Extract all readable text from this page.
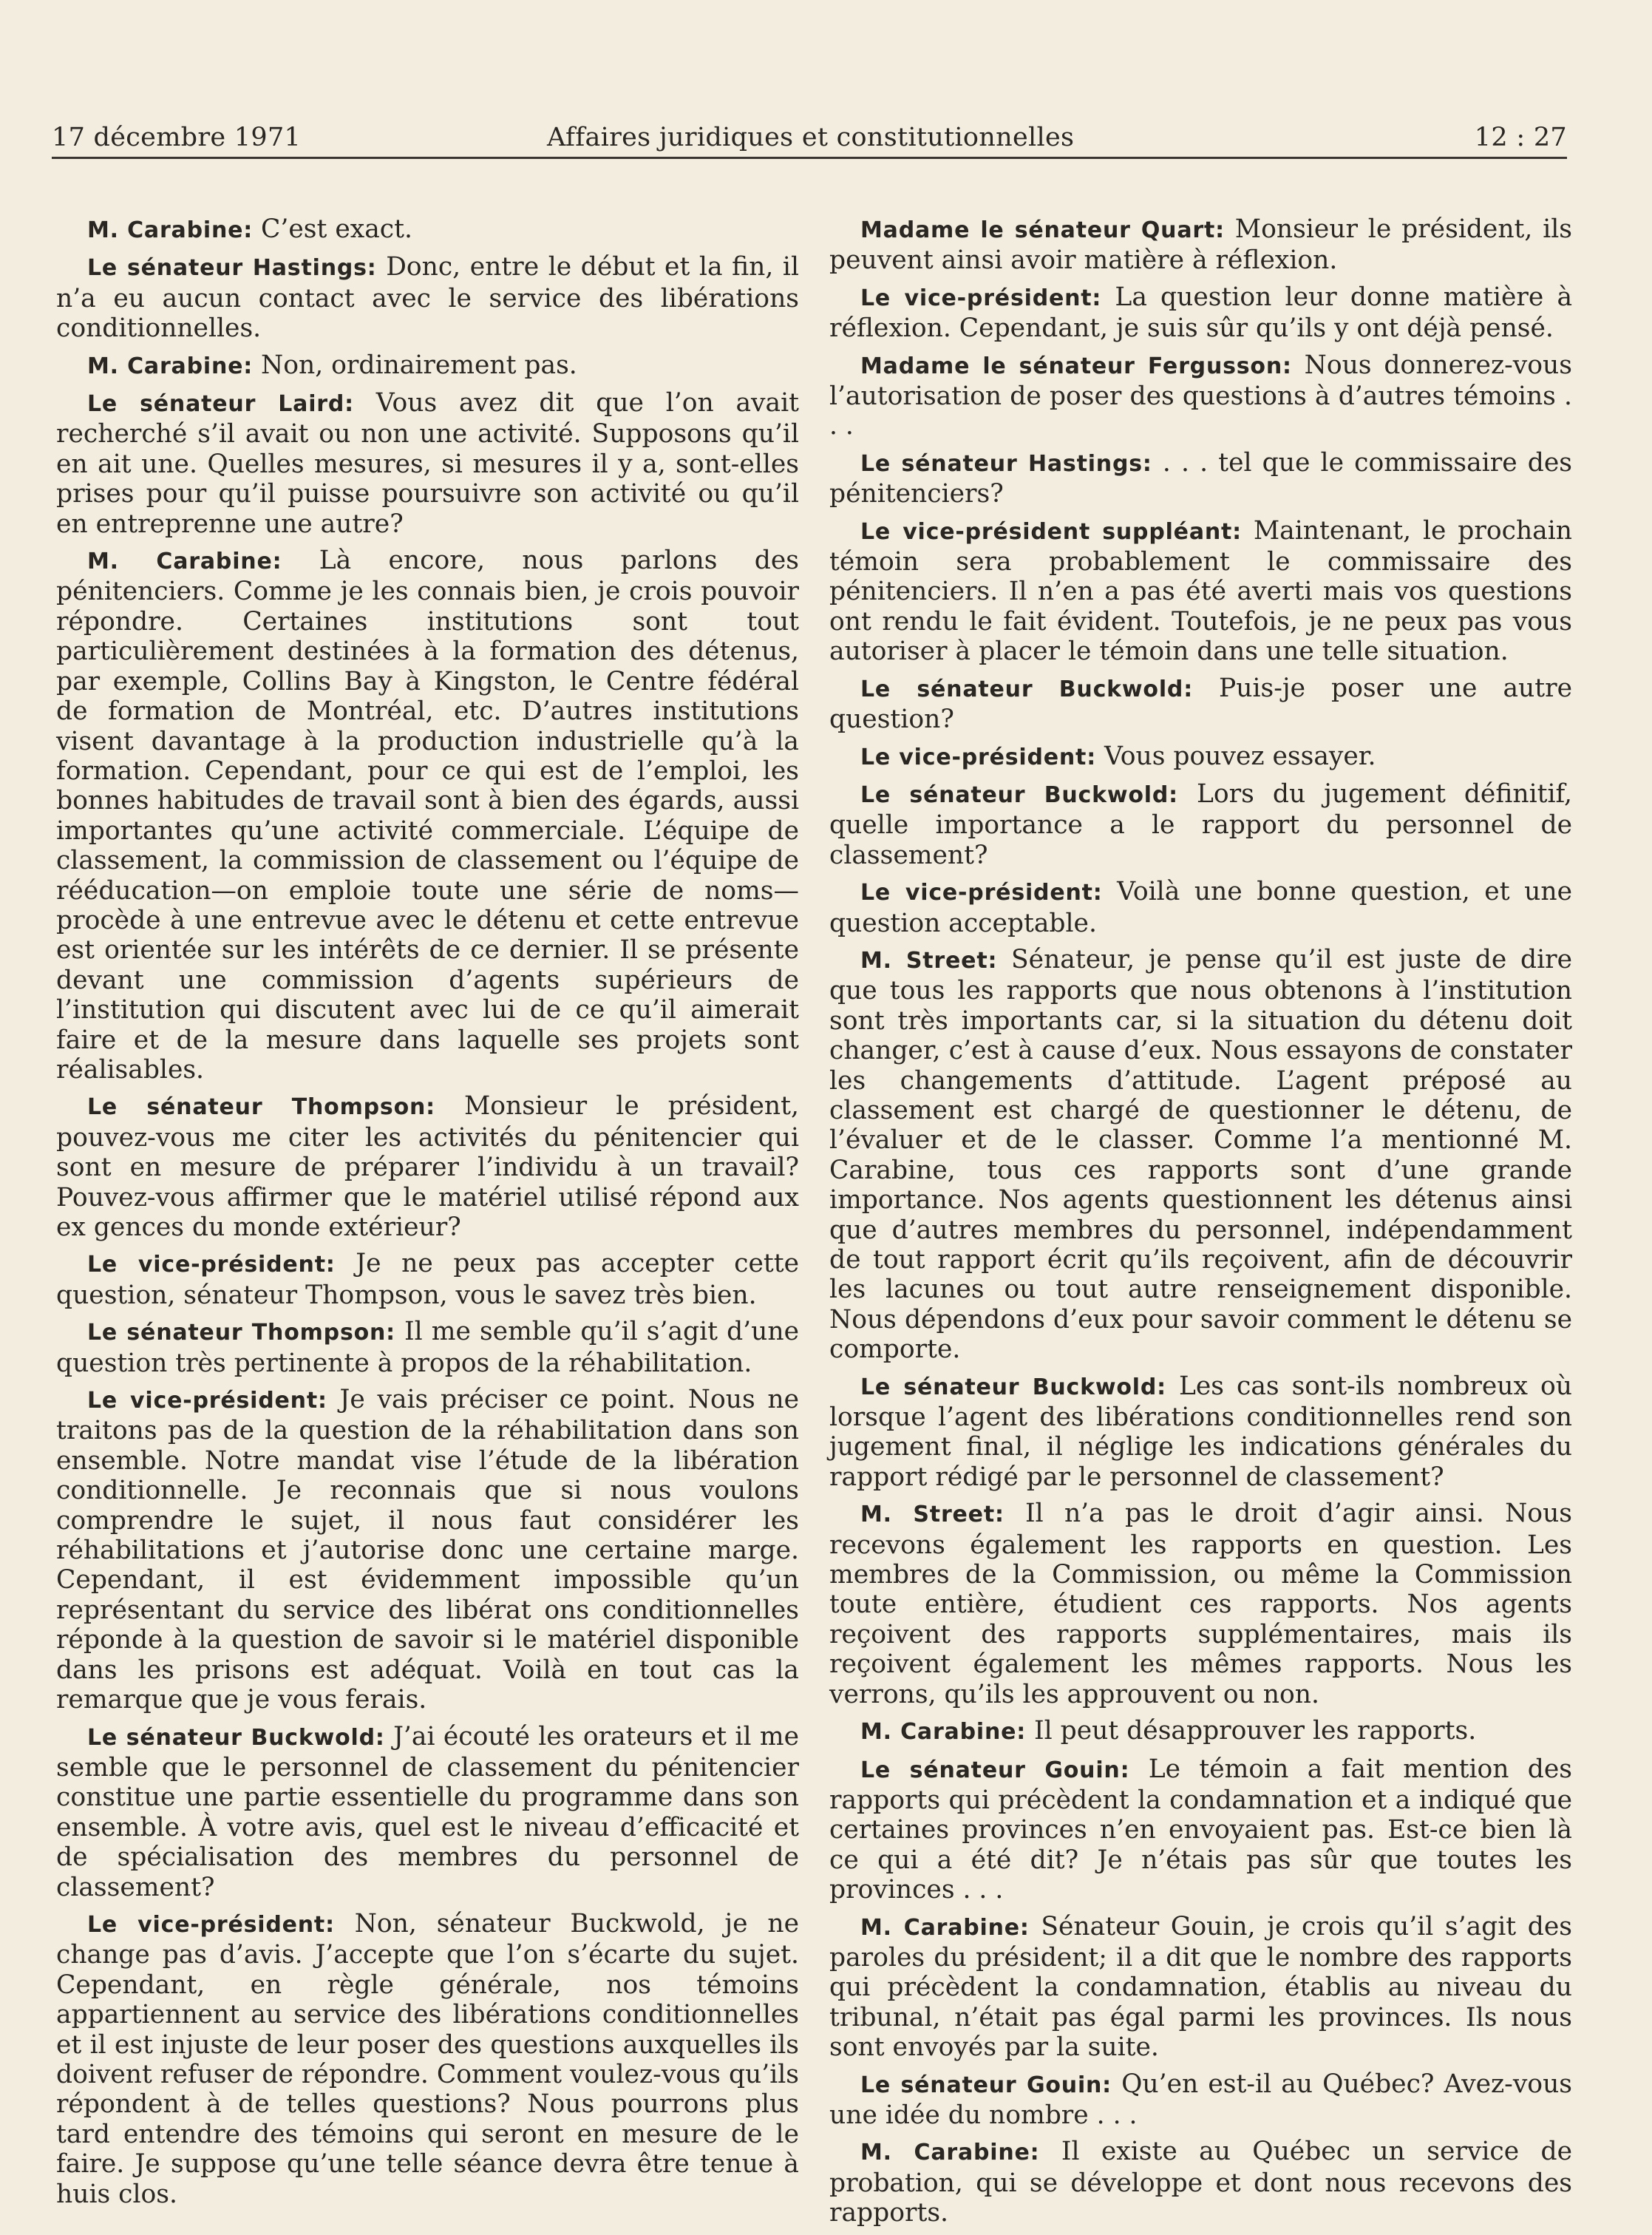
17 décembre 1971	Affaires juridiques et constitutionnelles	12 : 27

M. Carabine: C’est exact.

Le sénateur Hastings: Donc, entre le début et la fin, il n’a eu aucun contact avec le service des libérations conditionnelles.

M. Carabine: Non, ordinairement pas.

Le sénateur Laird: Vous avez dit que l’on avait recherché s’il avait ou non une activité. Supposons qu’il en ait une. Quelles mesures, si mesures il y a, sont-elles prises pour qu’il puisse poursuivre son activité ou qu’il en entreprenne une autre?

M. Carabine: Là encore, nous parlons des pénitenciers. Comme je les connais bien, je crois pouvoir répondre. Certaines institutions sont tout particulièrement destinées à la formation des détenus, par exemple, Collins Bay à Kingston, le Centre fédéral de formation de Montréal, etc. D’autres institutions visent davantage à la production industrielle qu’à la formation. Cependant, pour ce qui est de l’emploi, les bonnes habitudes de travail sont à bien des égards, aussi importantes qu’une activité commerciale. L’équipe de classement, la commission de classement ou l’équipe de rééducation—on emploie toute une série de noms—procède à une entrevue avec le détenu et cette entrevue est orientée sur les intérêts de ce dernier. Il se présente devant une commission d’agents supérieurs de l’institution qui discutent avec lui de ce qu’il aimerait faire et de la mesure dans laquelle ses projets sont réalisables.

Le sénateur Thompson: Monsieur le président, pouvez-vous me citer les activités du pénitencier qui sont en mesure de préparer l’individu à un travail? Pouvez-vous affirmer que le matériel utilisé répond aux ex gences du monde extérieur?

Le vice-président: Je ne peux pas accepter cette question, sénateur Thompson, vous le savez très bien.

Le sénateur Thompson: Il me semble qu’il s’agit d’une question très pertinente à propos de la réhabilitation.

Le vice-président: Je vais préciser ce point. Nous ne traitons pas de la question de la réhabilitation dans son ensemble. Notre mandat vise l’étude de la libération conditionnelle. Je reconnais que si nous voulons comprendre le sujet, il nous faut considérer les réhabilitations et j’autorise donc une certaine marge. Cependant, il est évidemment impossible qu’un représentant du service des libérat ons conditionnelles réponde à la question de savoir si le matériel disponible dans les prisons est adéquat. Voilà en tout cas la remarque que je vous ferais.

Le sénateur Buckwold: J’ai écouté les orateurs et il me semble que le personnel de classement du pénitencier constitue une partie essentielle du programme dans son ensemble. À votre avis, quel est le niveau d’efficacité et de spécialisation des membres du personnel de classement?

Le vice-président: Non, sénateur Buckwold, je ne change pas d’avis. J’accepte que l’on s’écarte du sujet. Cependant, en règle générale, nos témoins appartiennent au service des libérations conditionnelles et il est injuste de leur poser des questions auxquelles ils doivent refuser de répondre. Comment voulez-vous qu’ils répondent à de telles questions? Nous pourrons plus tard entendre des témoins qui seront en mesure de le faire. Je suppose qu’une telle séance devra être tenue à huis clos.

Madame le sénateur Quart: Monsieur le président, ils peuvent ainsi avoir matière à réflexion.

Le vice-président: La question leur donne matière à réflexion. Cependant, je suis sûr qu’ils y ont déjà pensé.

Madame le sénateur Fergusson: Nous donnerez-vous l’autorisation de poser des questions à d’autres témoins . . .

Le sénateur Hastings: . . . tel que le commissaire des pénitenciers?

Le vice-président suppléant: Maintenant, le prochain témoin sera probablement le commissaire des pénitenciers. Il n’en a pas été averti mais vos questions ont rendu le fait évident. Toutefois, je ne peux pas vous autoriser à placer le témoin dans une telle situation.

Le sénateur Buckwold: Puis-je poser une autre question?

Le vice-président: Vous pouvez essayer.

Le sénateur Buckwold: Lors du jugement définitif, quelle importance a le rapport du personnel de classement?

Le vice-président: Voilà une bonne question, et une question acceptable.

M. Street: Sénateur, je pense qu’il est juste de dire que tous les rapports que nous obtenons à l’institution sont très importants car, si la situation du détenu doit changer, c’est à cause d’eux. Nous essayons de constater les changements d’attitude. L’agent préposé au classement est chargé de questionner le détenu, de l’évaluer et de le classer. Comme l’a mentionné M. Carabine, tous ces rapports sont d’une grande importance. Nos agents questionnent les détenus ainsi que d’autres membres du personnel, indépendamment de tout rapport écrit qu’ils reçoivent, afin de découvrir les lacunes ou tout autre renseignement disponible. Nous dépendons d’eux pour savoir comment le détenu se comporte.

Le sénateur Buckwold: Les cas sont-ils nombreux où lorsque l’agent des libérations conditionnelles rend son jugement final, il néglige les indications générales du rapport rédigé par le personnel de classement?

M. Street: Il n’a pas le droit d’agir ainsi. Nous recevons également les rapports en question. Les membres de la Commission, ou même la Commission toute entière, étudient ces rapports. Nos agents reçoivent des rapports supplémentaires, mais ils reçoivent également les mêmes rapports. Nous les verrons, qu’ils les approuvent ou non.

M. Carabine: Il peut désapprouver les rapports.

Le sénateur Gouin: Le témoin a fait mention des rapports qui précèdent la condamnation et a indiqué que certaines provinces n’en envoyaient pas. Est-ce bien là ce qui a été dit? Je n’étais pas sûr que toutes les provinces . . .

M. Carabine: Sénateur Gouin, je crois qu’il s’agit des paroles du président; il a dit que le nombre des rapports qui précèdent la condamnation, établis au niveau du tribunal, n’était pas égal parmi les provinces. Ils nous sont envoyés par la suite.

Le sénateur Gouin: Qu’en est-il au Québec? Avez-vous une idée du nombre . . .

M. Carabine: Il existe au Québec un service de probation, qui se développe et dont nous recevons des rapports.
